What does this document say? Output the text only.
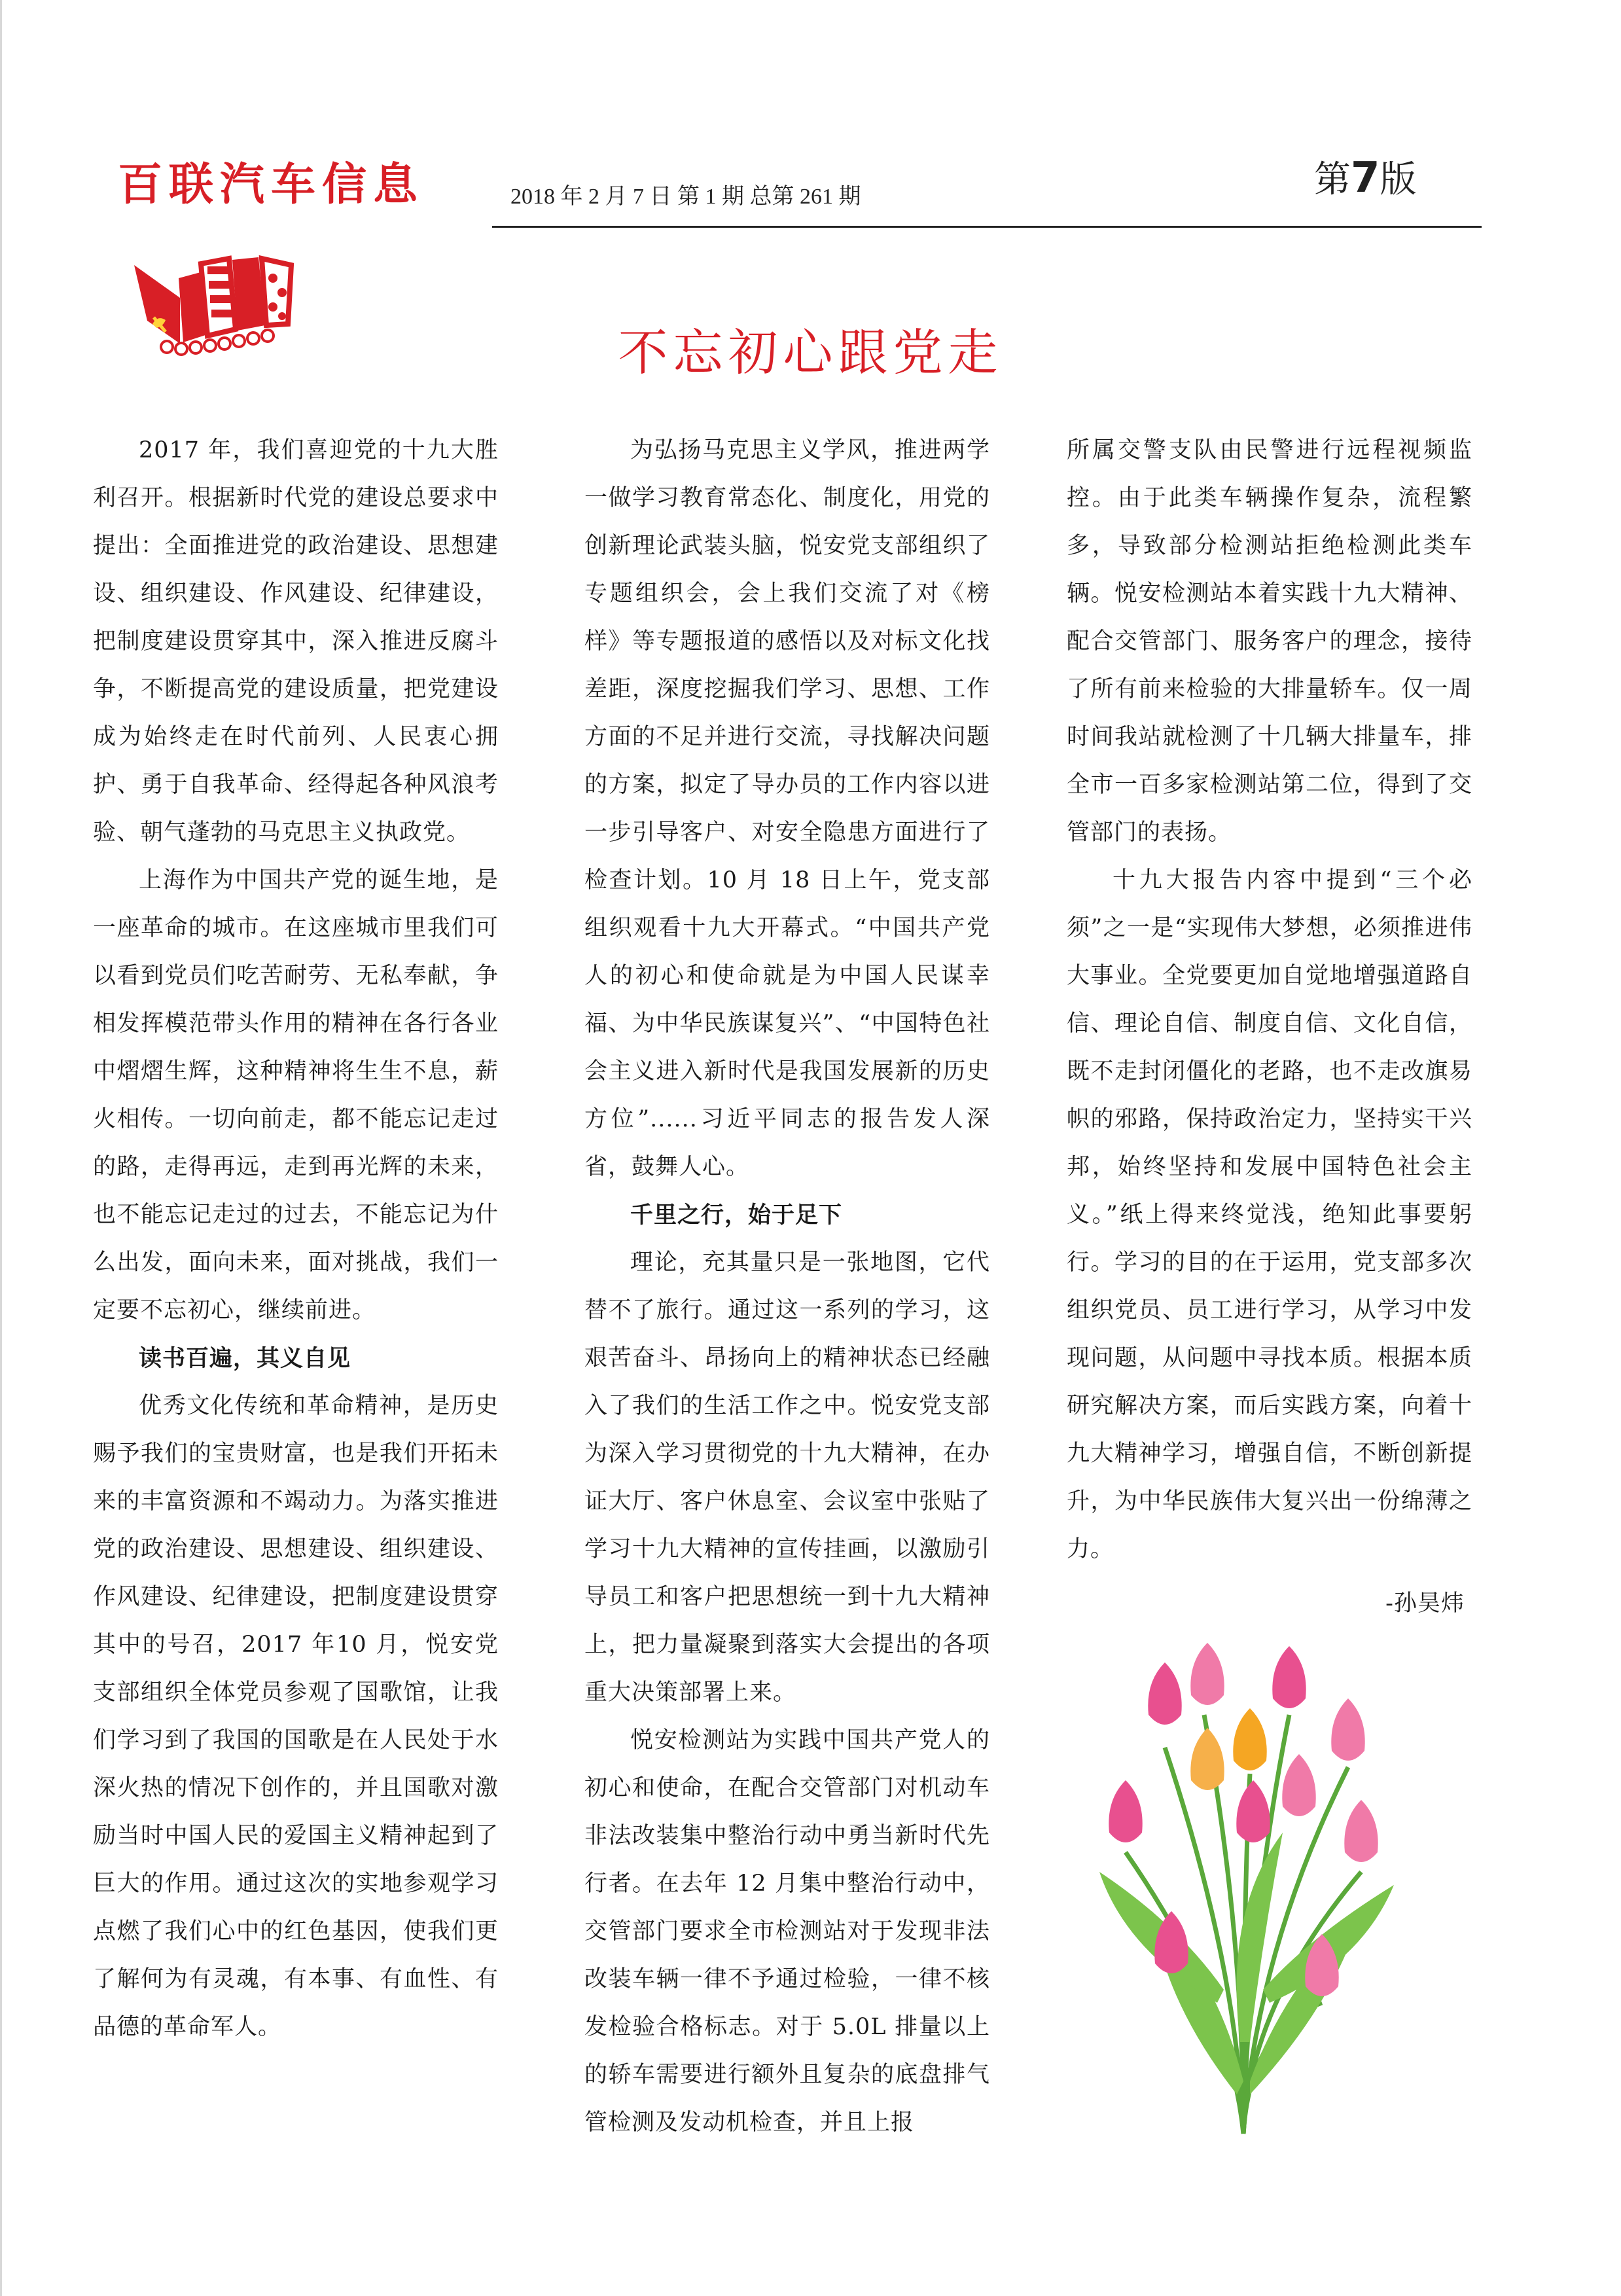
百联汽车信息	2018 年 2 月 7 日 第 1 期 总第 261 期	第7版
不忘初心跟党走

2017 年，我们喜迎党的十九大胜利召开。根据新时代党的建设总要求中提出：全面推进党的政治建设、思想建设、组织建设、作风建设、纪律建设，把制度建设贯穿其中，深入推进反腐斗争，不断提高党的建设质量，把党建设成为始终走在时代前列、人民衷心拥护、勇于自我革命、经得起各种风浪考验、朝气蓬勃的马克思主义执政党。

上海作为中国共产党的诞生地，是一座革命的城市。在这座城市里我们可以看到党员们吃苦耐劳、无私奉献，争相发挥模范带头作用的精神在各行各业中熠熠生辉，这种精神将生生不息，薪火相传。一切向前走，都不能忘记走过的路，走得再远，走到再光辉的未来，也不能忘记走过的过去，不能忘记为什么出发，面向未来，面对挑战，我们一定要不忘初心，继续前进。

读书百遍，其义自见

优秀文化传统和革命精神，是历史赐予我们的宝贵财富，也是我们开拓未来的丰富资源和不竭动力。为落实推进党的政治建设、思想建设、组织建设、作风建设、纪律建设，把制度建设贯穿其中的号召，2017 年10 月，悦安党支部组织全体党员参观了国歌馆，让我们学习到了我国的国歌是在人民处于水深火热的情况下创作的，并且国歌对激励当时中国人民的爱国主义精神起到了巨大的作用。通过这次的实地参观学习点燃了我们心中的红色基因，使我们更了解何为有灵魂，有本事、有血性、有品德的革命军人。

为弘扬马克思主义学风，推进两学一做学习教育常态化、制度化，用党的创新理论武装头脑，悦安党支部组织了专题组织会，会上我们交流了对《榜样》等专题报道的感悟以及对标文化找差距，深度挖掘我们学习、思想、工作方面的不足并进行交流，寻找解决问题的方案，拟定了导办员的工作内容以进一步引导客户、对安全隐患方面进行了检查计划。10 月 18 日上午，党支部组织观看十九大开幕式。“中国共产党人的初心和使命就是为中国人民谋幸福、为中华民族谋复兴”、“中国特色社会主义进入新时代是我国发展新的历史方位”......习近平同志的报告发人深省，鼓舞人心。

千里之行，始于足下

理论，充其量只是一张地图，它代替不了旅行。通过这一系列的学习，这艰苦奋斗、昂扬向上的精神状态已经融入了我们的生活工作之中。悦安党支部为深入学习贯彻党的十九大精神，在办证大厅、客户休息室、会议室中张贴了学习十九大精神的宣传挂画，以激励引导员工和客户把思想统一到十九大精神上，把力量凝聚到落实大会提出的各项重大决策部署上来。

悦安检测站为实践中国共产党人的初心和使命，在配合交管部门对机动车非法改装集中整治行动中勇当新时代先行者。在去年 12 月集中整治行动中，交管部门要求全市检测站对于发现非法改装车辆一律不予通过检验，一律不核发检验合格标志。对于 5.0L 排量以上的轿车需要进行额外且复杂的底盘排气管检测及发动机检查，并且上报

所属交警支队由民警进行远程视频监控。由于此类车辆操作复杂，流程繁多，导致部分检测站拒绝检测此类车辆。悦安检测站本着实践十九大精神、配合交管部门、服务客户的理念，接待了所有前来检验的大排量轿车。仅一周时间我站就检测了十几辆大排量车，排全市一百多家检测站第二位，得到了交管部门的表扬。

十九大报告内容中提到“三个必须”之一是“实现伟大梦想，必须推进伟大事业。全党要更加自觉地增强道路自信、理论自信、制度自信、文化自信，既不走封闭僵化的老路，也不走改旗易帜的邪路，保持政治定力，坚持实干兴邦，始终坚持和发展中国特色社会主义。”纸上得来终觉浅，绝知此事要躬行。学习的目的在于运用，党支部多次组织党员、员工进行学习，从学习中发现问题，从问题中寻找本质。根据本质研究解决方案，而后实践方案，向着十九大精神学习，增强自信，不断创新提升，为中华民族伟大复兴出一份绵薄之力。

-孙昊炜
